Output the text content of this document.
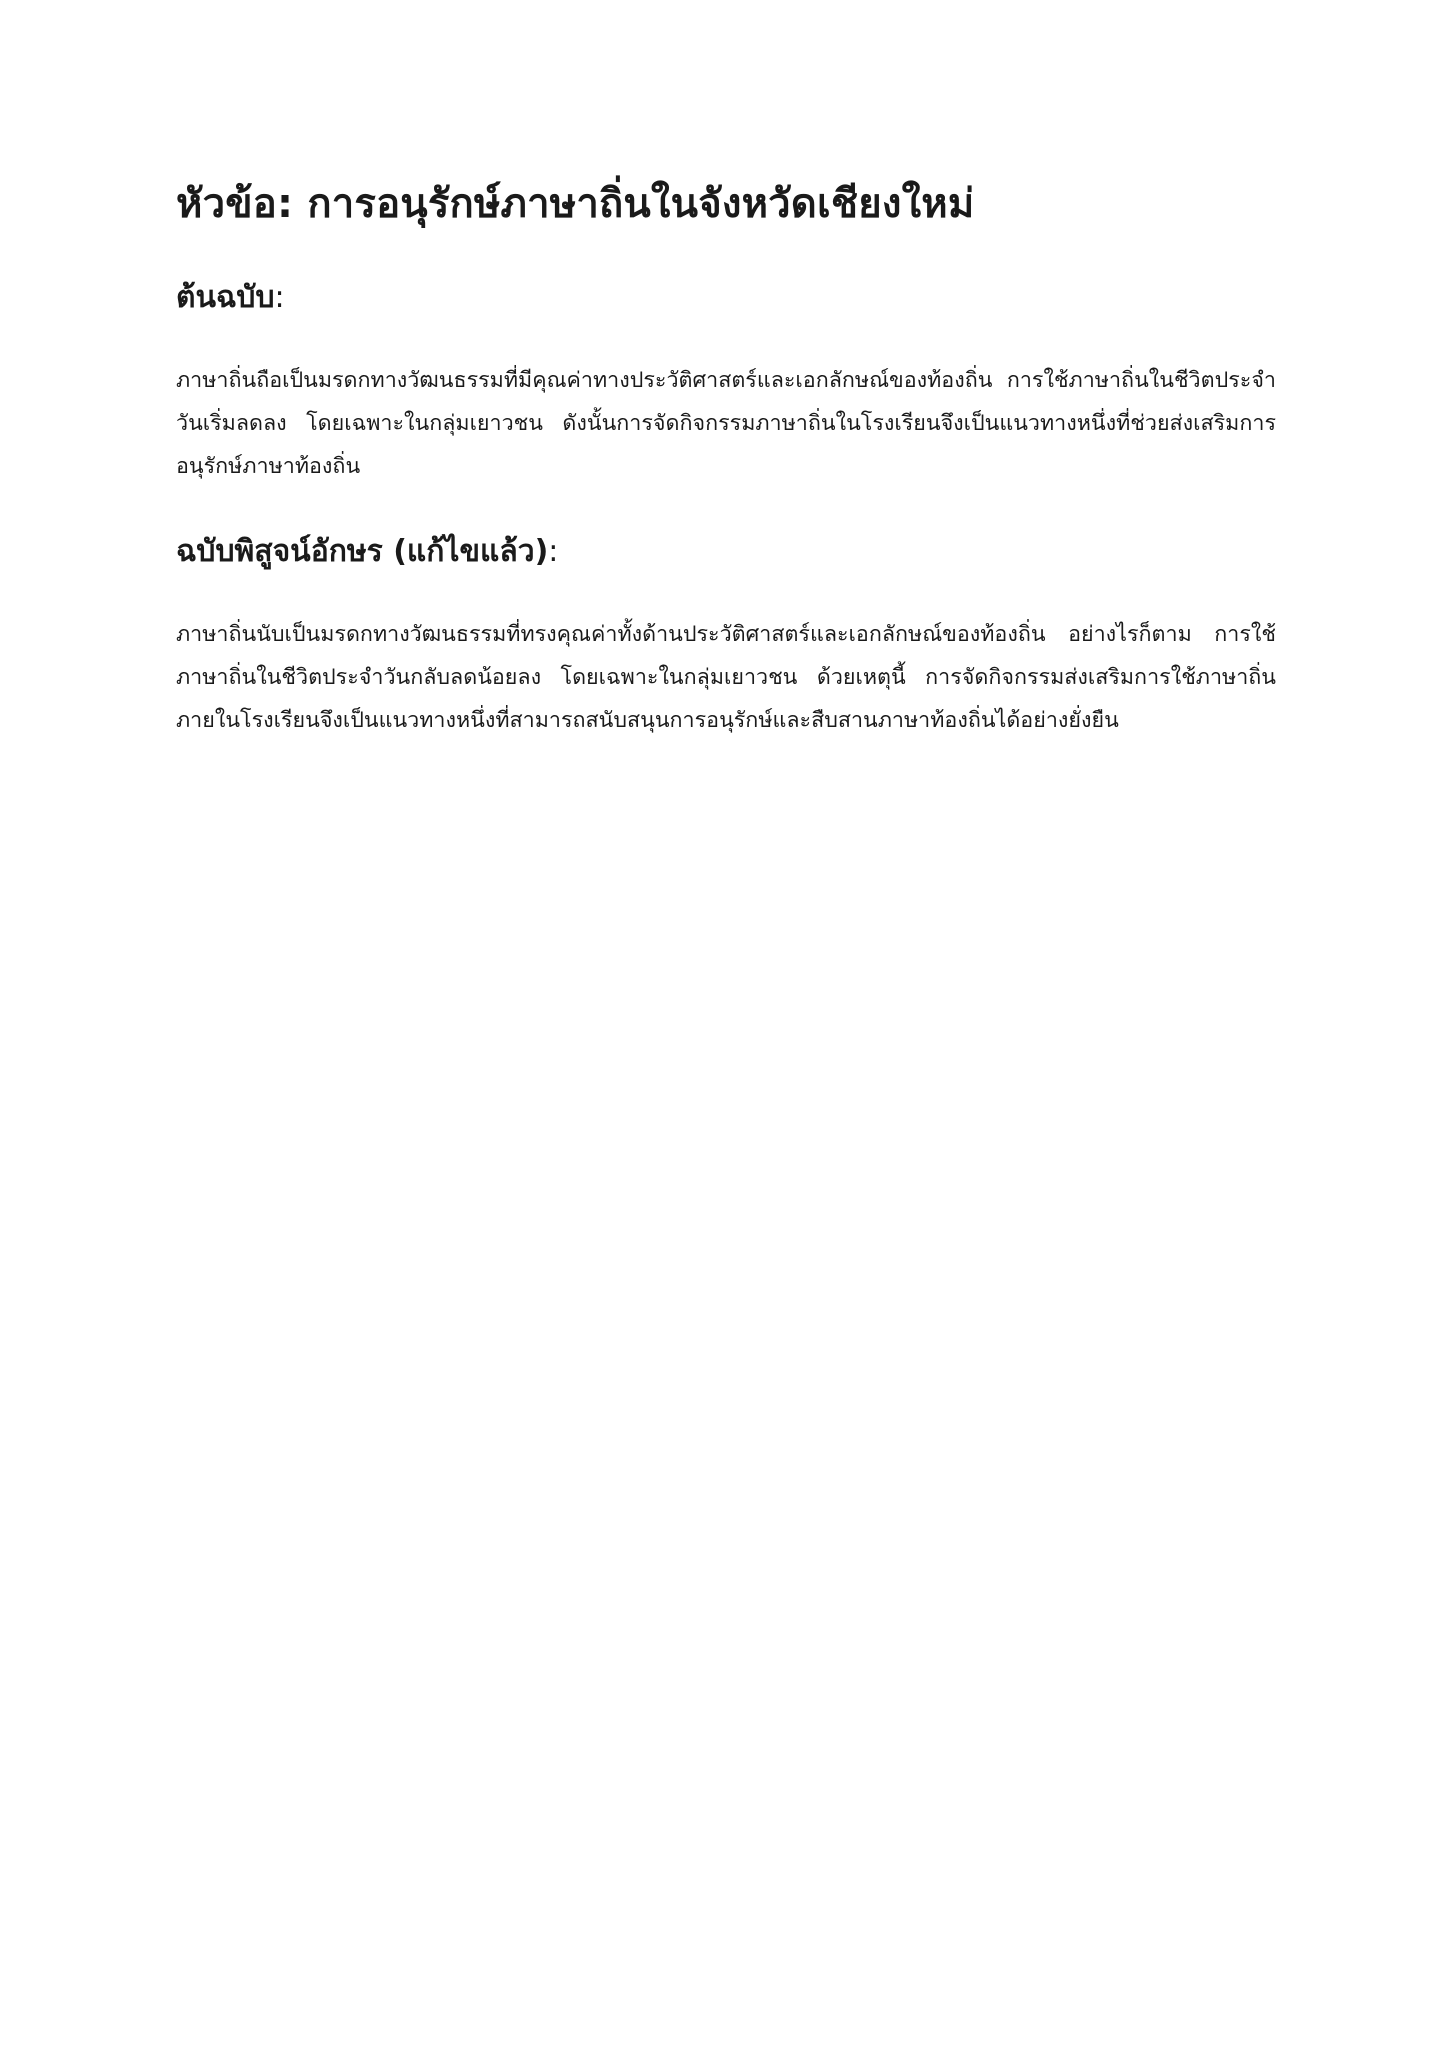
หัวข้อ: การอนุรักษ์ภาษาถิ่นในจังหวัดเชียงใหม่
ต้นฉบับ:

ภาษาถิ่นถือเป็นมรดกทางวัฒนธรรมที่มีคุณค่าทางประวัติศาสตร์และเอกลักษณ์ของท้องถิ่น การใช้ภาษาถิ่นในชีวิตประจำวันเริ่มลดลง โดยเฉพาะในกลุ่มเยาวชน ดังนั้นการจัดกิจกรรมภาษาถิ่นในโรงเรียนจึงเป็นแนวทางหนึ่งที่ช่วยส่งเสริมการอนุรักษ์ภาษาท้องถิ่น

ฉบับพิสูจน์อักษร (แก้ไขแล้ว):

ภาษาถิ่นนับเป็นมรดกทางวัฒนธรรมที่ทรงคุณค่าทั้งด้านประวัติศาสตร์และเอกลักษณ์ของท้องถิ่น อย่างไรก็ตาม การใช้ภาษาถิ่นในชีวิตประจำวันกลับลดน้อยลง โดยเฉพาะในกลุ่มเยาวชน ด้วยเหตุนี้ การจัดกิจกรรมส่งเสริมการใช้ภาษาถิ่นภายในโรงเรียนจึงเป็นแนวทางหนึ่งที่สามารถสนับสนุนการอนุรักษ์และสืบสานภาษาท้องถิ่นได้อย่างยั่งยืน
